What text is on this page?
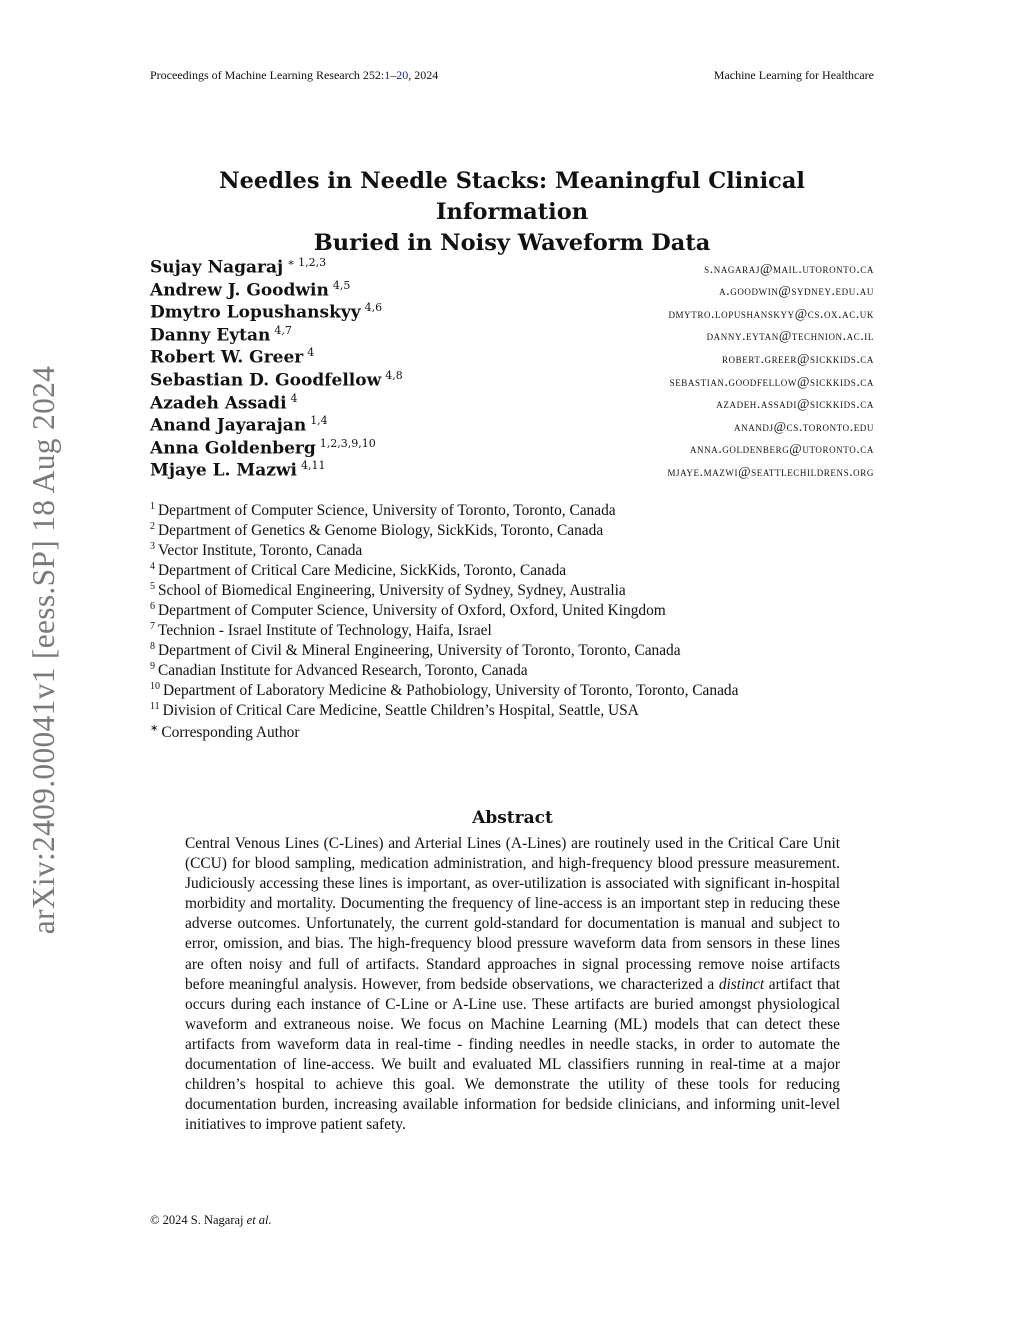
arXiv:2409.00041v1 [eess.SP] 18 Aug 2024
Proceedings of Machine Learning Research 252:1–20, 2024	Machine Learning for Healthcare
Needles in Needle Stacks: Meaningful Clinical Information
Buried in Noisy Waveform Data
Sujay Nagaraj $^{∗ 1,2,3}$	s.nagaraj@mail.utoronto.ca
Andrew J. Goodwin $^{4,5}$	a.goodwin@sydney.edu.au
Dmytro Lopushanskyy $^{4,6}$	dmytro.lopushanskyy@cs.ox.ac.uk
Danny Eytan $^{4,7}$	danny.eytan@technion.ac.il
Robert W. Greer $^4$	robert.greer@sickkids.ca
Sebastian D. Goodfellow $^{4,8}$	sebastian.goodfellow@sickkids.ca
Azadeh Assadi $^4$	azadeh.assadi@sickkids.ca
Anand Jayarajan $^{1,4}$	anandj@cs.toronto.edu
Anna Goldenberg $^{1,2,3,9,10}$	anna.goldenberg@utoronto.ca
Mjaye L. Mazwi $^{4,11}$	mjaye.mazwi@seattlechildrens.org
$^1$ Department of Computer Science, University of Toronto, Toronto, Canada
$^2$ Department of Genetics & Genome Biology, SickKids, Toronto, Canada
$^3$ Vector Institute, Toronto, Canada
$^4$ Department of Critical Care Medicine, SickKids, Toronto, Canada
$^5$ School of Biomedical Engineering, University of Sydney, Sydney, Australia
$^6$ Department of Computer Science, University of Oxford, Oxford, United Kingdom
$^7$ Technion - Israel Institute of Technology, Haifa, Israel
$^8$ Department of Civil & Mineral Engineering, University of Toronto, Toronto, Canada
$^9$ Canadian Institute for Advanced Research, Toronto, Canada
$^{10}$ Department of Laboratory Medicine & Pathobiology, University of Toronto, Toronto, Canada
$^{11}$ Division of Critical Care Medicine, Seattle Children’s Hospital, Seattle, USA
∗ Corresponding Author
Abstract
Central Venous Lines (C-Lines) and Arterial Lines (A-Lines) are routinely used in the Critical Care Unit (CCU) for blood sampling, medication administration, and high-frequency blood pressure measurement. Judiciously accessing these lines is important, as over-utilization is associated with significant in-hospital morbidity and mortality. Documenting the frequency of line-access is an important step in reducing these adverse outcomes. Unfortunately, the current gold-standard for documentation is manual and subject to error, omission, and bias. The high-frequency blood pressure waveform data from sensors in these lines are often noisy and full of artifacts. Standard approaches in signal processing remove noise artifacts before meaningful analysis. However, from bedside observations, we characterized a distinct artifact that occurs during each instance of C-Line or A-Line use. These artifacts are buried amongst physiological waveform and extraneous noise. We focus on Machine Learning (ML) models that can detect these artifacts from waveform data in real-time - finding needles in needle stacks, in order to automate the documentation of line-access. We built and evaluated ML classifiers running in real-time at a major children’s hospital to achieve this goal. We demonstrate the utility of these tools for reducing documentation burden, increasing available information for bedside clinicians, and informing unit-level initiatives to improve patient safety.
© 2024 S. Nagaraj et al.
